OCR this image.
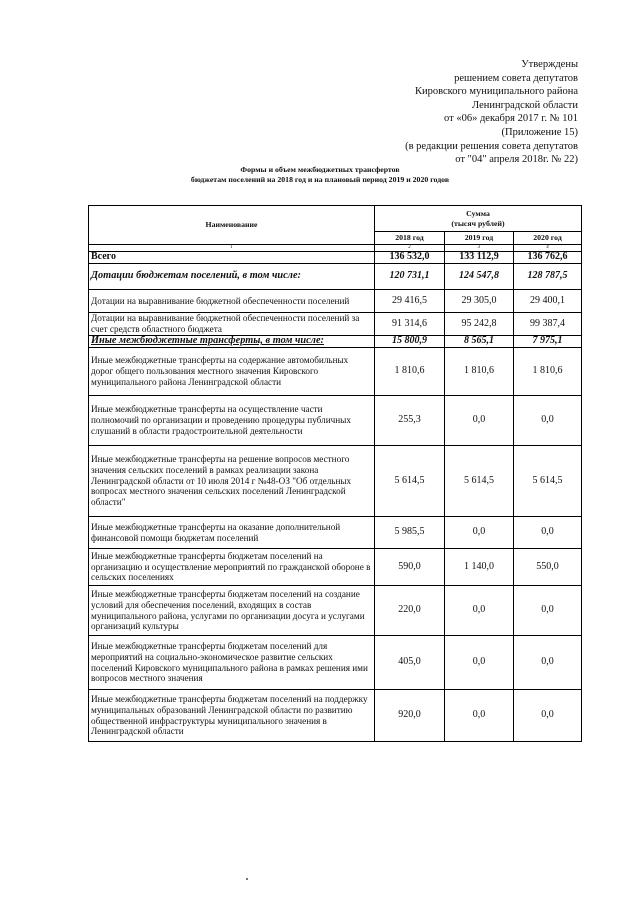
Утверждены
решением совета депутатов
Кировского муниципального района
Ленинградской области
от «06» декабря 2017 г. № 101
(Приложение 15)
(в редакции решения совета депутатов
от "04" апреля 2018г. № 22)
Формы и объем межбюджетных трансфертов
бюджетам поселений на 2018 год и на плановый период 2019 и 2020 годов
Наименование	Сумма
(тысяч рублей)		

	2018 год	2019 год	2020 год
1	2	3	4
Всего	136 532,0	133 112,9	136 762,6
Дотации бюджетам поселений, в том числе:	120 731,1	124 547,8	128 787,5
Дотации на выравнивание бюджетной обеспеченности поселений	29 416,5	29 305,0	29 400,1
Дотации на выравнивание бюджетной обеспеченности поселений за счет средств областного бюджета	91 314,6	95 242,8	99 387,4
Иные межбюджетные трансферты, в том числе:	15 800,9	8 565,1	7 975,1
Иные межбюджетные трансферты на содержание автомобильных дорог общего пользования местного значения Кировского муниципального района Ленинградской области	1 810,6	1 810,6	1 810,6
Иные межбюджетные трансферты на осуществление части полномочий по организации и проведению процедуры публичных слушаний в области градостроительной деятельности	255,3	0,0	0,0
Иные межбюджетные трансферты на решение вопросов местного значения сельских поселений в рамках реализации закона Ленинградской области от 10 июля 2014 г №48-ОЗ "Об отдельных вопросах местного значения сельских поселений Ленинградской области"	5 614,5	5 614,5	5 614,5
Иные межбюджетные трансферты на оказание дополнительной финансовой помощи бюджетам поселений	5 985,5	0,0	0,0
Иные межбюджетные трансферты бюджетам поселений на организацию и осуществление мероприятий по гражданской обороне в сельских поселениях	590,0	1 140,0	550,0
Иные межбюджетные трансферты бюджетам поселений на создание условий для обеспечения поселений, входящих в состав муниципального района, услугами по организации досуга и услугами организаций культуры	220,0	0,0	0,0
Иные межбюджетные трансферты бюджетам поселений для мероприятий на социально-экономическое развитие сельских поселений Кировского муниципального района в рамках решения ими вопросов местного значения	405,0	0,0	0,0
Иные межбюджетные трансферты бюджетам поселений на поддержку муниципальных образований Ленинградской области по развитию общественной инфраструктуры муниципального значения в Ленинградской области	920,0	0,0	0,0
